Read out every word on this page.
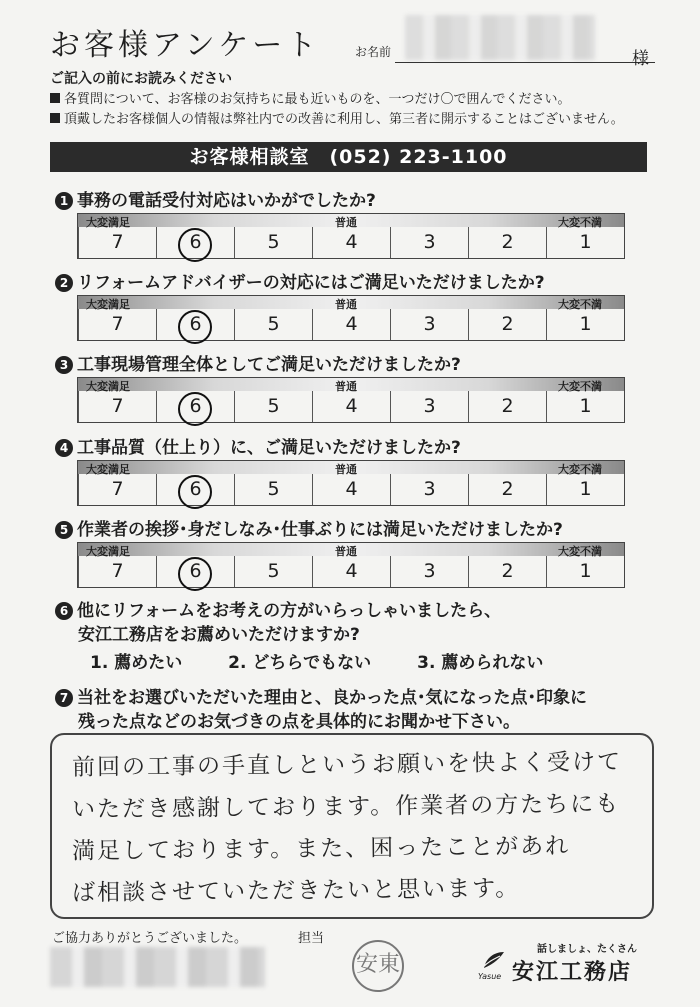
お客様アンケート	お名前	様
ご記入の前にお読みください
各質問について、お客様のお気持ちに最も近いものを、一つだけ〇で囲んでください。
頂戴したお客様個人の情報は弊社内での改善に利用し、第三者に開示することはございません。
お客様相談室　(052) 223-1100
1 事務の電話受付対応はいかがでしたか?
大変満足	普通	大変不満
7	6	5	4	3	2	1
2 リフォームアドバイザーの対応にはご満足いただけましたか?
大変満足	普通	大変不満
7	6	5	4	3	2	1
3 工事現場管理全体としてご満足いただけましたか?
大変満足	普通	大変不満
7	6	5	4	3	2	1
4 工事品質（仕上り）に、ご満足いただけましたか?
大変満足	普通	大変不満
7	6	5	4	3	2	1
5 作業者の挨拶･身だしなみ･仕事ぶりには満足いただけましたか?
大変満足	普通	大変不満
7	6	5	4	3	2	1
6 他にリフォームをお考えの方がいらっしゃいましたら、
安江工務店をお薦めいただけますか?
1. 薦めたい	2. どちらでもない	3. 薦められない
7 当社をお選びいただいた理由と、良かった点･気になった点･印象に
残った点などのお気づきの点を具体的にお聞かせ下さい。
前回の工事の手直しというお願いを快よく受けて
いただき感謝しております。作業者の方たちにも
満足しております。また、困ったことがあれ
ば相談させていただきたいと思います。
ご協力ありがとうございました。	担当
安東
話しましょ、たくさん
Yasue 安江工務店
